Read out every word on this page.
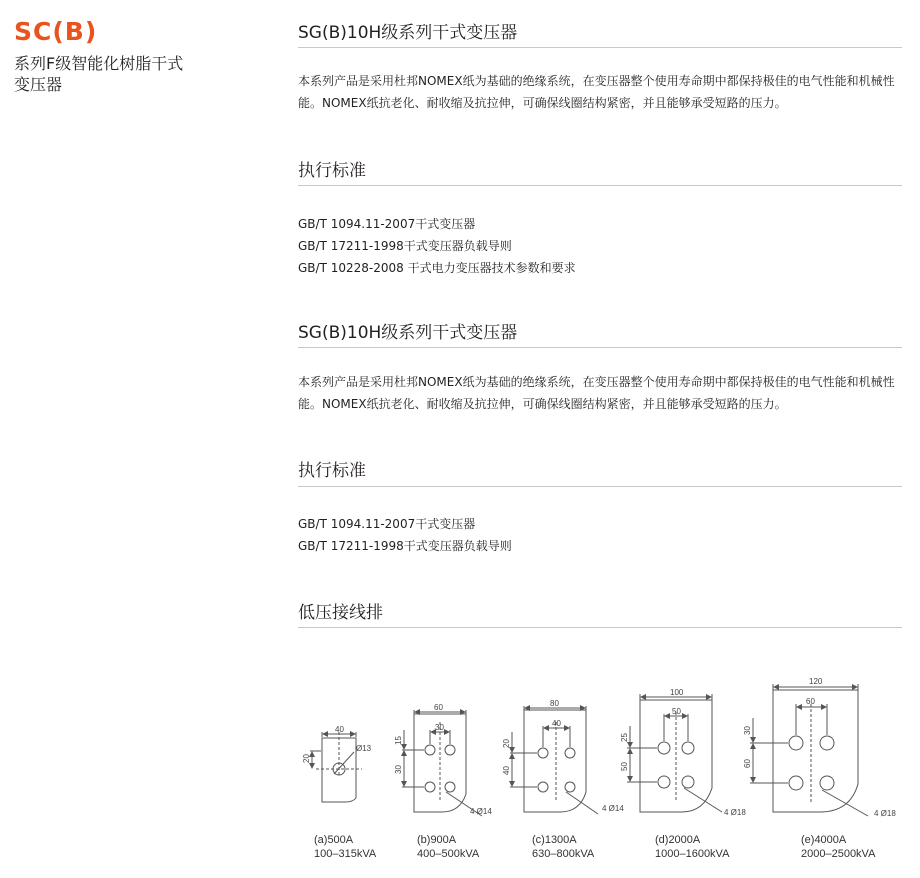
SC(B)
系列F级智能化树脂干式
变压器
SG(B)10H级系列干式变压器
本系列产品是采用杜邦NOMEX纸为基础的绝缘系统，在变压器整个使用寿命期中都保持极佳的电气性能和机械性能。NOMEX纸抗老化、耐收缩及抗拉伸，可确保线圈结构紧密，并且能够承受短路的压力。
执行标准
GB/T 1094.11-2007干式变压器
GB/T 17211-1998干式变压器负载导则
GB/T 10228-2008 干式电力变压器技术参数和要求
SG(B)10H级系列干式变压器
本系列产品是采用杜邦NOMEX纸为基础的绝缘系统，在变压器整个使用寿命期中都保持极佳的电气性能和机械性能。NOMEX纸抗老化、耐收缩及抗拉伸，可确保线圈结构紧密，并且能够承受短路的压力。
执行标准
GB/T 1094.11-2007干式变压器
GB/T 17211-1998干式变压器负载导则
低压接线排
40
20
Ø13
60
30
15
30
4 Ø14
80
40
20
40
4 Ø14
100
50
25
50
4 Ø18
120
60
30
60
4 Ø18
(a)500A
100–315kVA
(b)900A
400–500kVA
(c)1300A
630–800kVA
(d)2000A
1000–1600kVA
(e)4000A
2000–2500kVA
